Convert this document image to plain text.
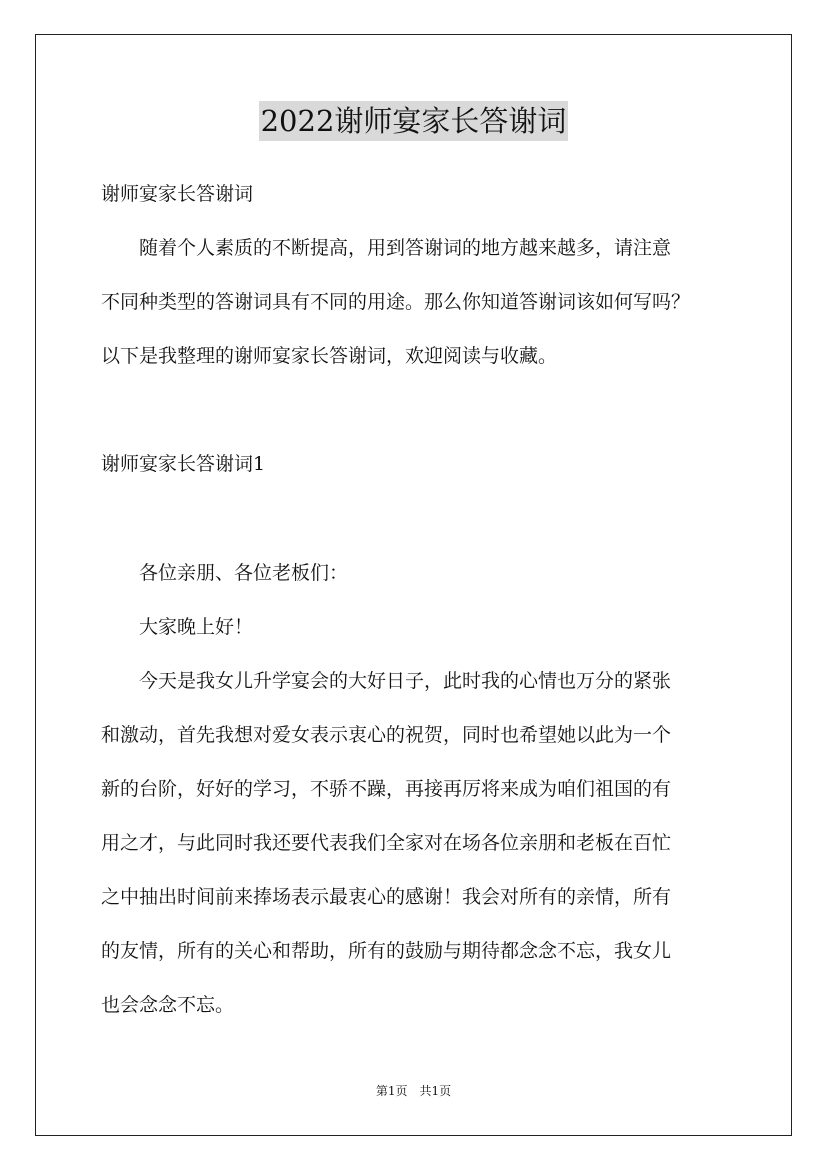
2022谢师宴家长答谢词
谢师宴家长答谢词
　　随着个人素质的不断提高，用到答谢词的地方越来越多，请注意
不同种类型的答谢词具有不同的用途。那么你知道答谢词该如何写吗？
以下是我整理的谢师宴家长答谢词，欢迎阅读与收藏。
谢师宴家长答谢词1
　　各位亲朋、各位老板们：
　　大家晚上好！
　　今天是我女儿升学宴会的大好日子，此时我的心情也万分的紧张
和激动，首先我想对爱女表示衷心的祝贺，同时也希望她以此为一个
新的台阶，好好的学习，不骄不躁，再接再厉将来成为咱们祖国的有
用之才，与此同时我还要代表我们全家对在场各位亲朋和老板在百忙
之中抽出时间前来捧场表示最衷心的感谢！我会对所有的亲情，所有
的友情，所有的关心和帮助，所有的鼓励与期待都念念不忘，我女儿
也会念念不忘。
第1页　共1页
